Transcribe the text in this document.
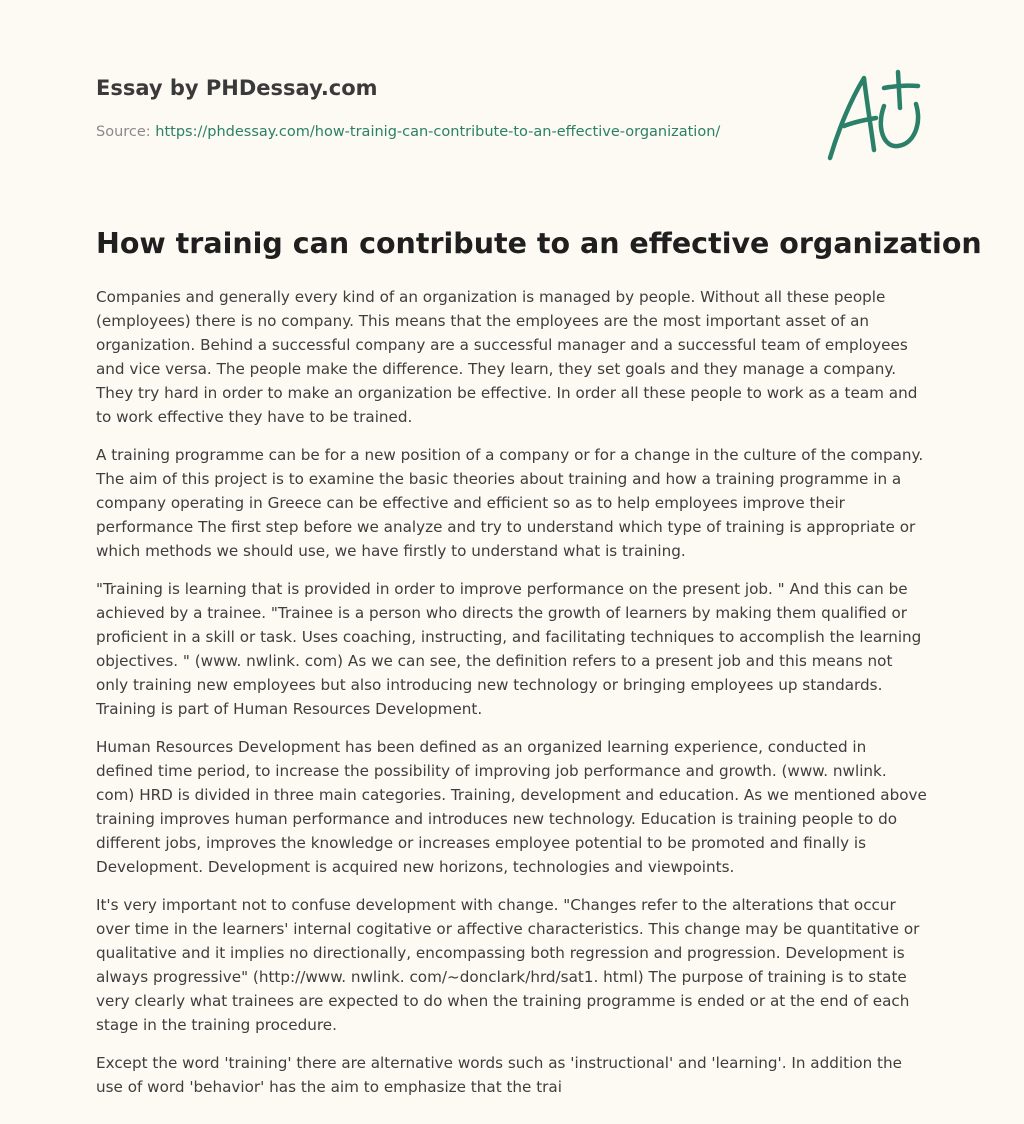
Essay by PHDessay.com
Source: https://phdessay.com/how-trainig-can-contribute-to-an-effective-organization/
How trainig can contribute to an effective organization

Companies and generally every kind of an organization is managed by people. Without all these people (employees) there is no company. This means that the employees are the most important asset of an organization. Behind a successful company are a successful manager and a successful team of employees and vice versa. The people make the difference. They learn, they set goals and they manage a company. They try hard in order to make an organization be effective. In order all these people to work as a team and to work effective they have to be trained.

A training programme can be for a new position of a company or for a change in the culture of the company. The aim of this project is to examine the basic theories about training and how a training programme in a company operating in Greece can be effective and efficient so as to help employees improve their performance The first step before we analyze and try to understand which type of training is appropriate or which methods we should use, we have firstly to understand what is training.

"Training is learning that is provided in order to improve performance on the present job. " And this can be achieved by a trainee. "Trainee is a person who directs the growth of learners by making them qualified or proficient in a skill or task. Uses coaching, instructing, and facilitating techniques to accomplish the learning objectives. " (www. nwlink. com) As we can see, the definition refers to a present job and this means not only training new employees but also introducing new technology or bringing employees up standards. Training is part of Human Resources Development.

Human Resources Development has been defined as an organized learning experience, conducted in defined time period, to increase the possibility of improving job performance and growth. (www. nwlink. com) HRD is divided in three main categories. Training, development and education. As we mentioned above training improves human performance and introduces new technology. Education is training people to do different jobs, improves the knowledge or increases employee potential to be promoted and finally is Development. Development is acquired new horizons, technologies and viewpoints.

It's very important not to confuse development with change. "Changes refer to the alterations that occur over time in the learners' internal cogitative or affective characteristics. This change may be quantitative or qualitative and it implies no directionally, encompassing both regression and progression. Development is always progressive" (http://www. nwlink. com/~donclark/hrd/sat1. html) The purpose of training is to state very clearly what trainees are expected to do when the training programme is ended or at the end of each stage in the training procedure.

Except the word 'training' there are alternative words such as 'instructional' and 'learning'. In addition the use of word 'behavior' has the aim to emphasize that the trai
